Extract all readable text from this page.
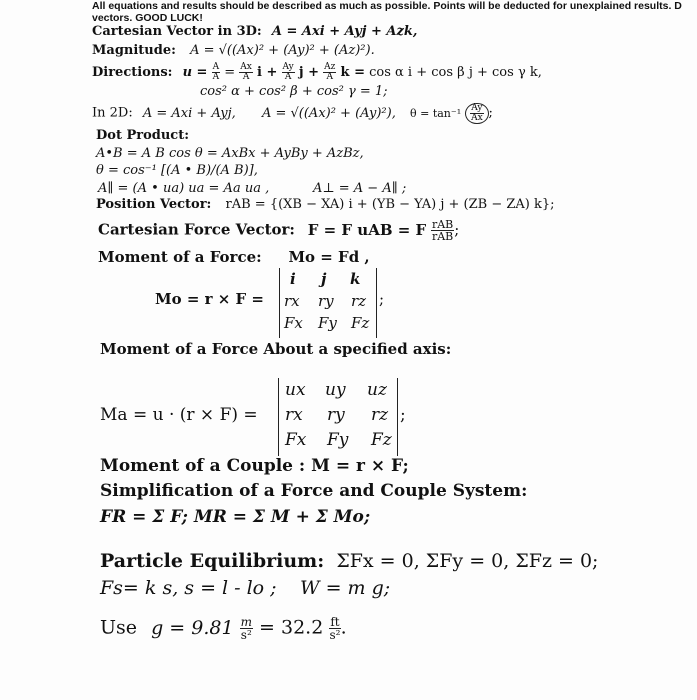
All equations and results should be described as much as possible. Points will be deducted for unexplained results. D
vectors. GOOD LUCK!
Cartesian Vector in 3D: A = Axi + Ayj + Azk,
Magnitude: A = √((Ax)² + (Ay)² + (Az)²).
Directions: $u = \frac{A}{A} = \frac{Ax}{A}$ $i + \frac{Ay}{A}$ $j + \frac{Az}{A}$ k = cos α i + cos β j + cos γ k,
cos² α + cos² β + cos² γ = 1;
In 2D: A = Axi + Ayj, A = √((Ax)² + (Ay)²), $\theta = \tan^{-1} \frac{Ay}{Ax}$ ;
Dot Product:
A•B = A B cos θ = AxBx + AyBy + AzBz,
θ = cos⁻¹ [(A • B)/(A B)],
A∥ = (A • ua) ua = Aa ua ,	A⊥ = A − A∥ ;
Position Vector: rAB = {(XB − XA) i + (YB − YA) j + (ZB − ZA) k};
Cartesian Force Vector: F = F uAB = F $\frac{\text{rAB}}{\text{rAB}}$ ;
Moment of a Force: Mo = Fd ,
Mo = r × F =
i j k
rx ry rz
Fx Fy Fz
;
Moment of a Force About a specified axis:
Ma = u · (r × F) =
ux uy uz
rx ry rz
Fx Fy Fz
;
Moment of a Couple : M = r × F;
Simplification of a Force and Couple System:
FR = Σ F; MR = Σ M + Σ Mo;
Particle Equilibrium: ΣFx = 0, ΣFy = 0, ΣFz = 0;
Fs= k s, s = l - lo ; W = m g;
Use $g = 9.81 \frac{m}{\text{s²}} = 32.2 \frac{ft}{\text{s²}}$ .
